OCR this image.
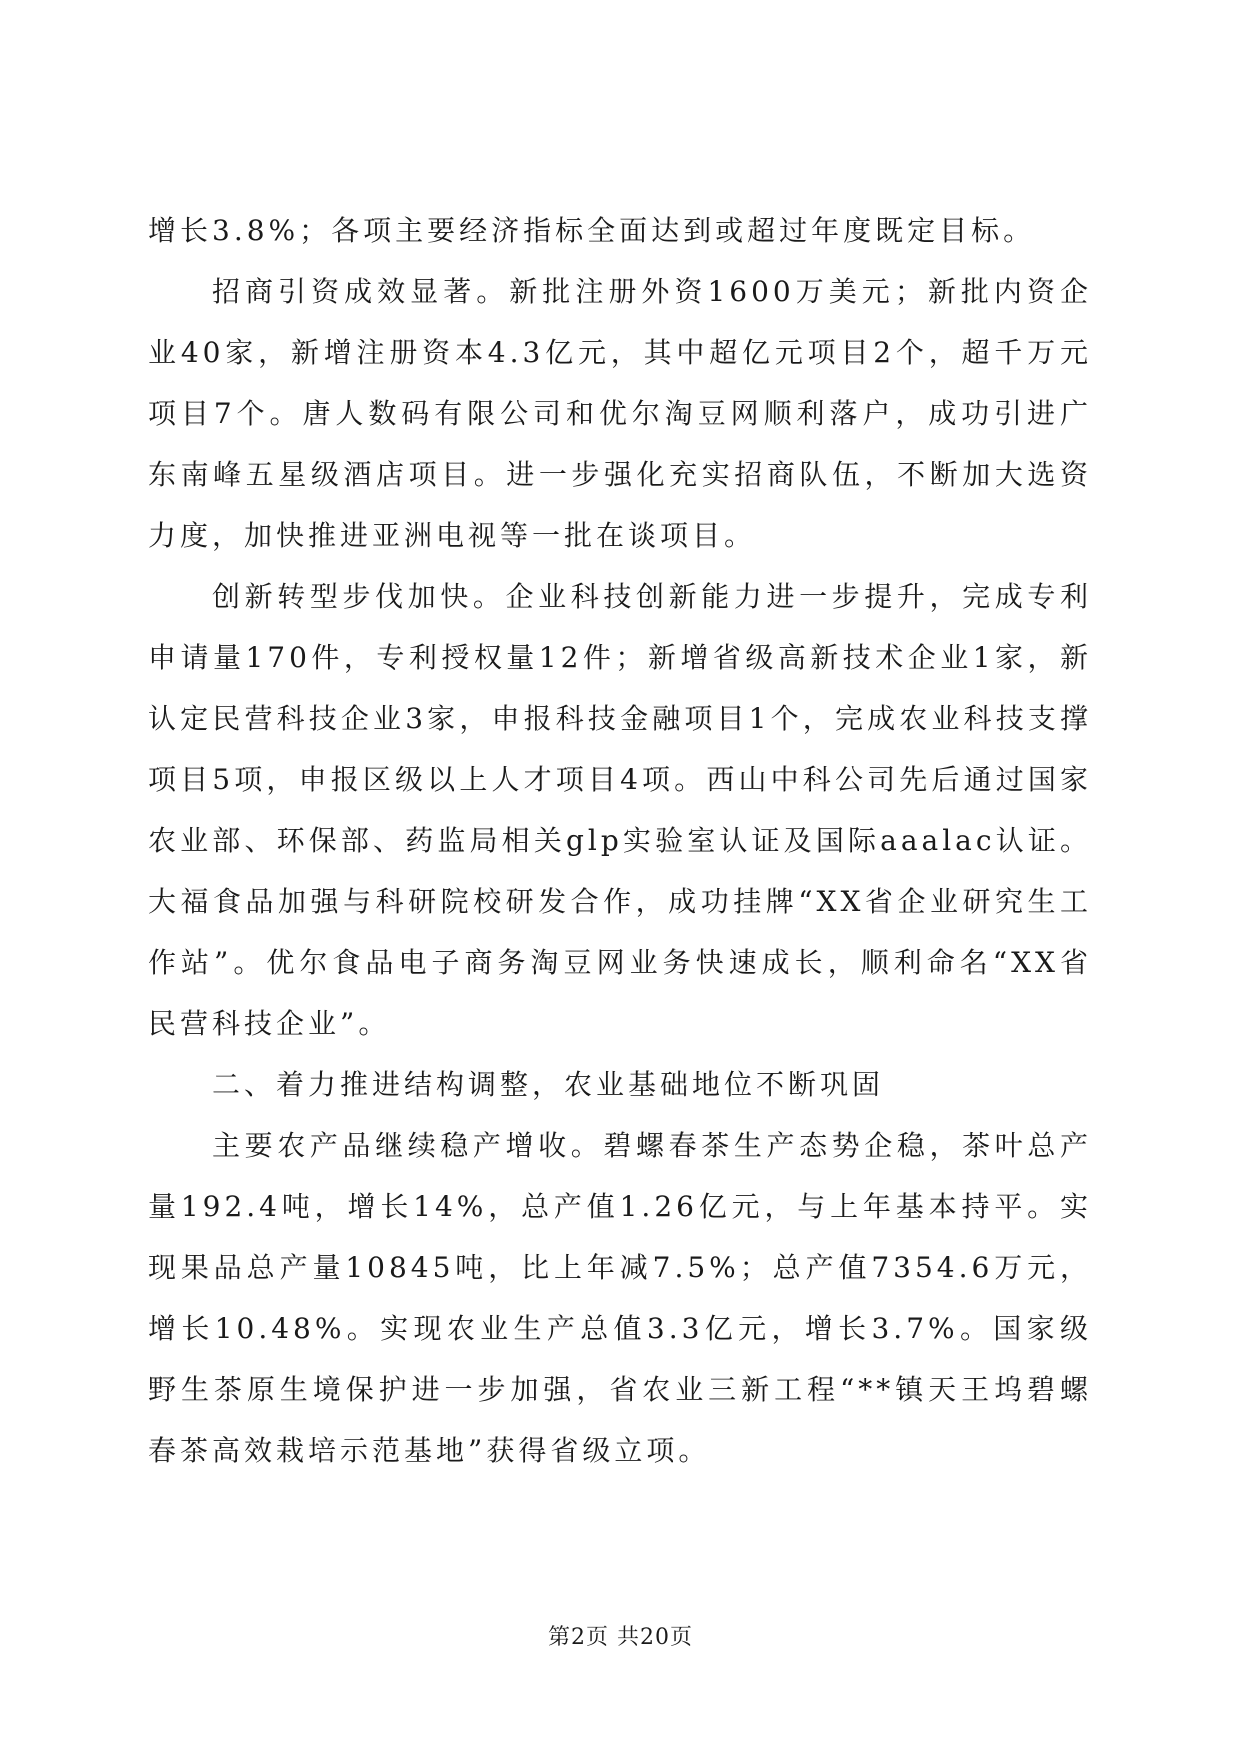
增长3.8%；各项主要经济指标全面达到或超过年度既定目标。

招商引资成效显著。新批注册外资1600万美元；新批内资企业40家，新增注册资本4.3亿元，其中超亿元项目2个，超千万元项目7个。唐人数码有限公司和优尔淘豆网顺利落户，成功引进广东南峰五星级酒店项目。进一步强化充实招商队伍，不断加大选资力度，加快推进亚洲电视等一批在谈项目。

创新转型步伐加快。企业科技创新能力进一步提升，完成专利申请量170件，专利授权量12件；新增省级高新技术企业1家，新认定民营科技企业3家，申报科技金融项目1个，完成农业科技支撑项目5项，申报区级以上人才项目4项。西山中科公司先后通过国家农业部、环保部、药监局相关glp实验室认证及国际aaalac认证。大福食品加强与科研院校研发合作，成功挂牌“XX省企业研究生工作站”。优尔食品电子商务淘豆网业务快速成长，顺利命名“XX省民营科技企业”。

二、着力推进结构调整，农业基础地位不断巩固

主要农产品继续稳产增收。碧螺春茶生产态势企稳，茶叶总产量192.4吨，增长14%，总产值1.26亿元，与上年基本持平。实现果品总产量10845吨，比上年减7.5%；总产值7354.6万元，增长10.48%。实现农业生产总值3.3亿元，增长3.7%。国家级野生茶原生境保护进一步加强，省农业三新工程“**镇天王坞碧螺春茶高效栽培示范基地”获得省级立项。

第2页 共20页
